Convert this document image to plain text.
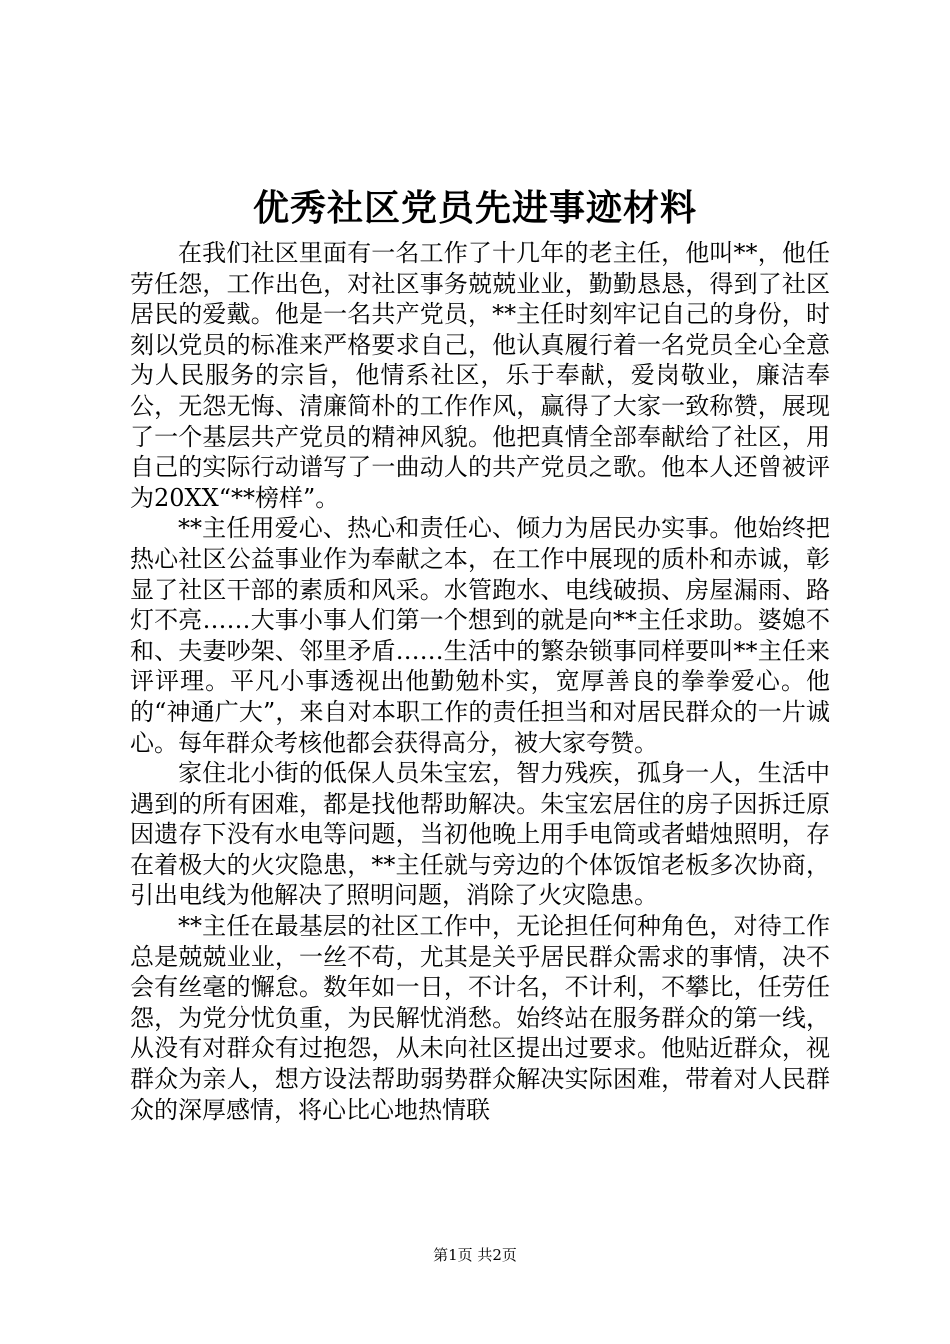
优秀社区党员先进事迹材料

在我们社区里面有一名工作了十几年的老主任，他叫**，他任劳任怨，工作出色，对社区事务兢兢业业，勤勤恳恳，得到了社区居民的爱戴。他是一名共产党员，**主任时刻牢记自己的身份，时刻以党员的标准来严格要求自己，他认真履行着一名党员全心全意为人民服务的宗旨，他情系社区，乐于奉献，爱岗敬业，廉洁奉公，无怨无悔、清廉简朴的工作作风，赢得了大家一致称赞，展现了一个基层共产党员的精神风貌。他把真情全部奉献给了社区，用自己的实际行动谱写了一曲动人的共产党员之歌。他本人还曾被评为20XX“**榜样”。

**主任用爱心、热心和责任心、倾力为居民办实事。他始终把热心社区公益事业作为奉献之本，在工作中展现的质朴和赤诚，彰显了社区干部的素质和风采。水管跑水、电线破损、房屋漏雨、路灯不亮……大事小事人们第一个想到的就是向**主任求助。婆媳不和、夫妻吵架、邻里矛盾……生活中的繁杂锁事同样要叫**主任来评评理。平凡小事透视出他勤勉朴实，宽厚善良的拳拳爱心。他的“神通广大”，来自对本职工作的责任担当和对居民群众的一片诚心。每年群众考核他都会获得高分，被大家夸赞。

家住北小街的低保人员朱宝宏，智力残疾，孤身一人，生活中遇到的所有困难，都是找他帮助解决。朱宝宏居住的房子因拆迁原因遗存下没有水电等问题，当初他晚上用手电筒或者蜡烛照明，存在着极大的火灾隐患，**主任就与旁边的个体饭馆老板多次协商，引出电线为他解决了照明问题，消除了火灾隐患。

**主任在最基层的社区工作中，无论担任何种角色，对待工作总是兢兢业业，一丝不苟，尤其是关乎居民群众需求的事情，决不会有丝毫的懈怠。数年如一日，不计名，不计利，不攀比，任劳任怨，为党分忧负重，为民解忧消愁。始终站在服务群众的第一线，从没有对群众有过抱怨，从未向社区提出过要求。他贴近群众，视群众为亲人，想方设法帮助弱势群众解决实际困难，带着对人民群众的深厚感情，将心比心地热情联

第1页 共2页
